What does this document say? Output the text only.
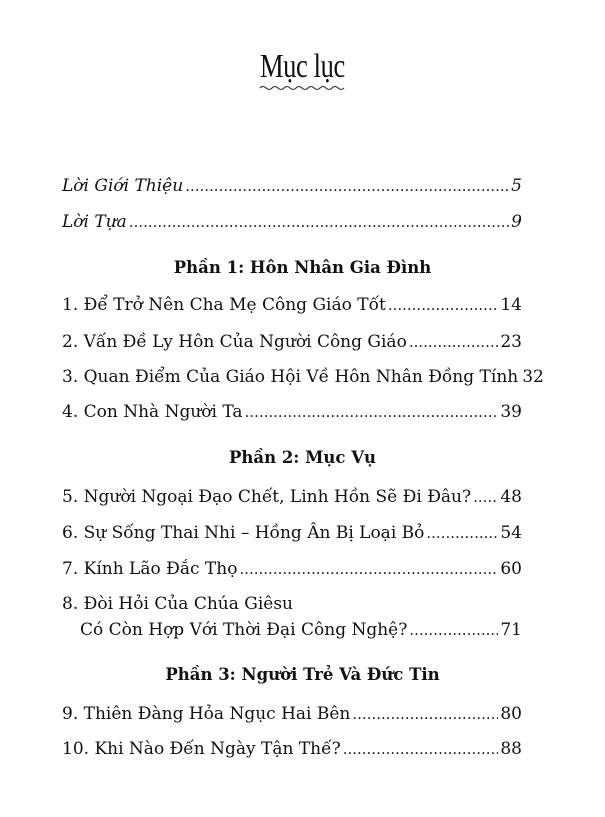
Mục lục
Lời Giới Thiệu .....	5
Lời Tựa .....	9
Phần 1: Hôn Nhân Gia Đình
1. Để Trở Nên Cha Mẹ Công Giáo Tốt .....	14
2. Vấn Đề Ly Hôn Của Người Công Giáo .....	23
3. Quan Điểm Của Giáo Hội Về Hôn Nhân Đồng Tính 32
4. Con Nhà Người Ta .....	39
Phần 2: Mục Vụ
5. Người Ngoại Đạo Chết, Linh Hồn Sẽ Đi Đâu? ..... 48
6. Sự Sống Thai Nhi – Hồng Ân Bị Loại Bỏ .....	54
7. Kính Lão Đắc Thọ .....	60
8. Đòi Hỏi Của Chúa Giêsu
Có Còn Hợp Với Thời Đại Công Nghệ? .....	71
Phần 3: Người Trẻ Và Đức Tin
9. Thiên Đàng Hỏa Ngục Hai Bên .....	80
10. Khi Nào Đến Ngày Tận Thế? .....	88
